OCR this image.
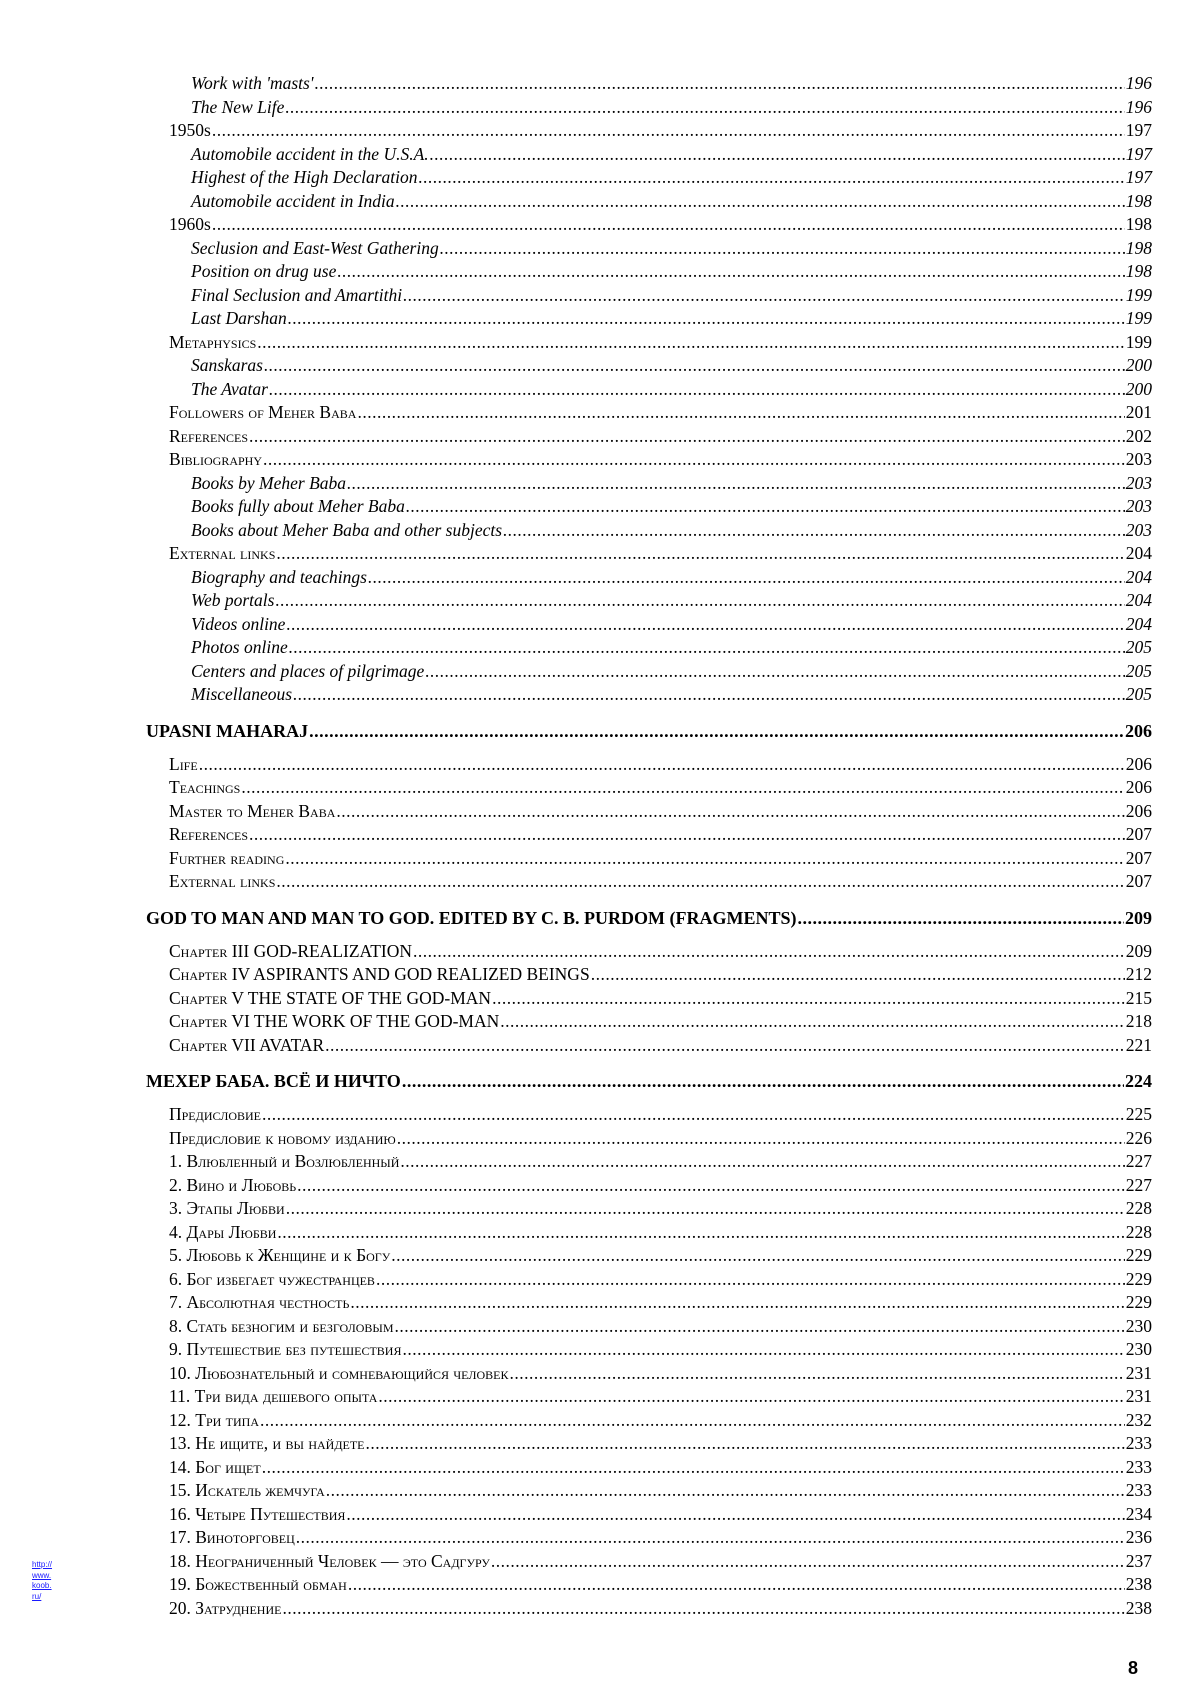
Work with 'masts' .....	196
The New Life .....	196
1950s .....	197
Automobile accident in the U.S.A. .....	197
Highest of the High Declaration .....	197
Automobile accident in India .....	198
1960s .....	198
Seclusion and East-West Gathering .....	198
Position on drug use .....	198
Final Seclusion and Amartithi .....	199
Last Darshan .....	199
Metaphysics .....	199
Sanskaras .....	200
The Avatar .....	200
Followers of Meher Baba .....	201
References .....	202
Bibliography .....	203
Books by Meher Baba .....	203
Books fully about Meher Baba .....	203
Books about Meher Baba and other subjects .....	203
External links .....	204
Biography and teachings .....	204
Web portals .....	204
Videos online .....	204
Photos online .....	205
Centers and places of pilgrimage .....	205
Miscellaneous .....	205
UPASNI MAHARAJ .....	206
Life .....	206
Teachings .....	206
Master to Meher Baba .....	206
References .....	207
Further reading .....	207
External links .....	207
GOD TO MAN AND MAN TO GOD. EDITED BY C. B. PURDOM (FRAGMENTS) .....	209
Chapter III GOD-REALIZATION .....	209
Chapter IV ASPIRANTS AND GOD REALIZED BEINGS .....	212
Chapter V THE STATE OF THE GOD-MAN .....	215
Chapter VI THE WORK OF THE GOD-MAN .....	218
Chapter VII AVATAR .....	221
МЕХЕР БАБА. ВСЁ И НИЧТО .....	224
Предисловие .....	225
Предисловие к новому изданию .....	226
1. Влюбленный и Возлюбленный .....	227
2. Вино и Любовь .....	227
3. Этапы Любви .....	228
4. Дары Любви .....	228
5. Любовь к Женщине и к Богу .....	229
6. Бог избегает чужестранцев .....	229
7. Абсолютная честность .....	229
8. Стать безногим и безголовым .....	230
9. Путешествие без путешествия .....	230
10. Любознательный и сомневающийся человек .....	231
11. Три вида дешевого опыта .....	231
12. Три типа .....	232
13. Не ищите, и вы найдете .....	233
14. Бог ищет .....	233
15. Искатель жемчуга .....	233
16. Четыре Путешествия .....	234
17. Виноторговец .....	236
18. Неограниченный Человек — это Садгуру .....	237
19. Божественный обман .....	238
20. Затруднение .....	238
8
http://www.koob.ru/
